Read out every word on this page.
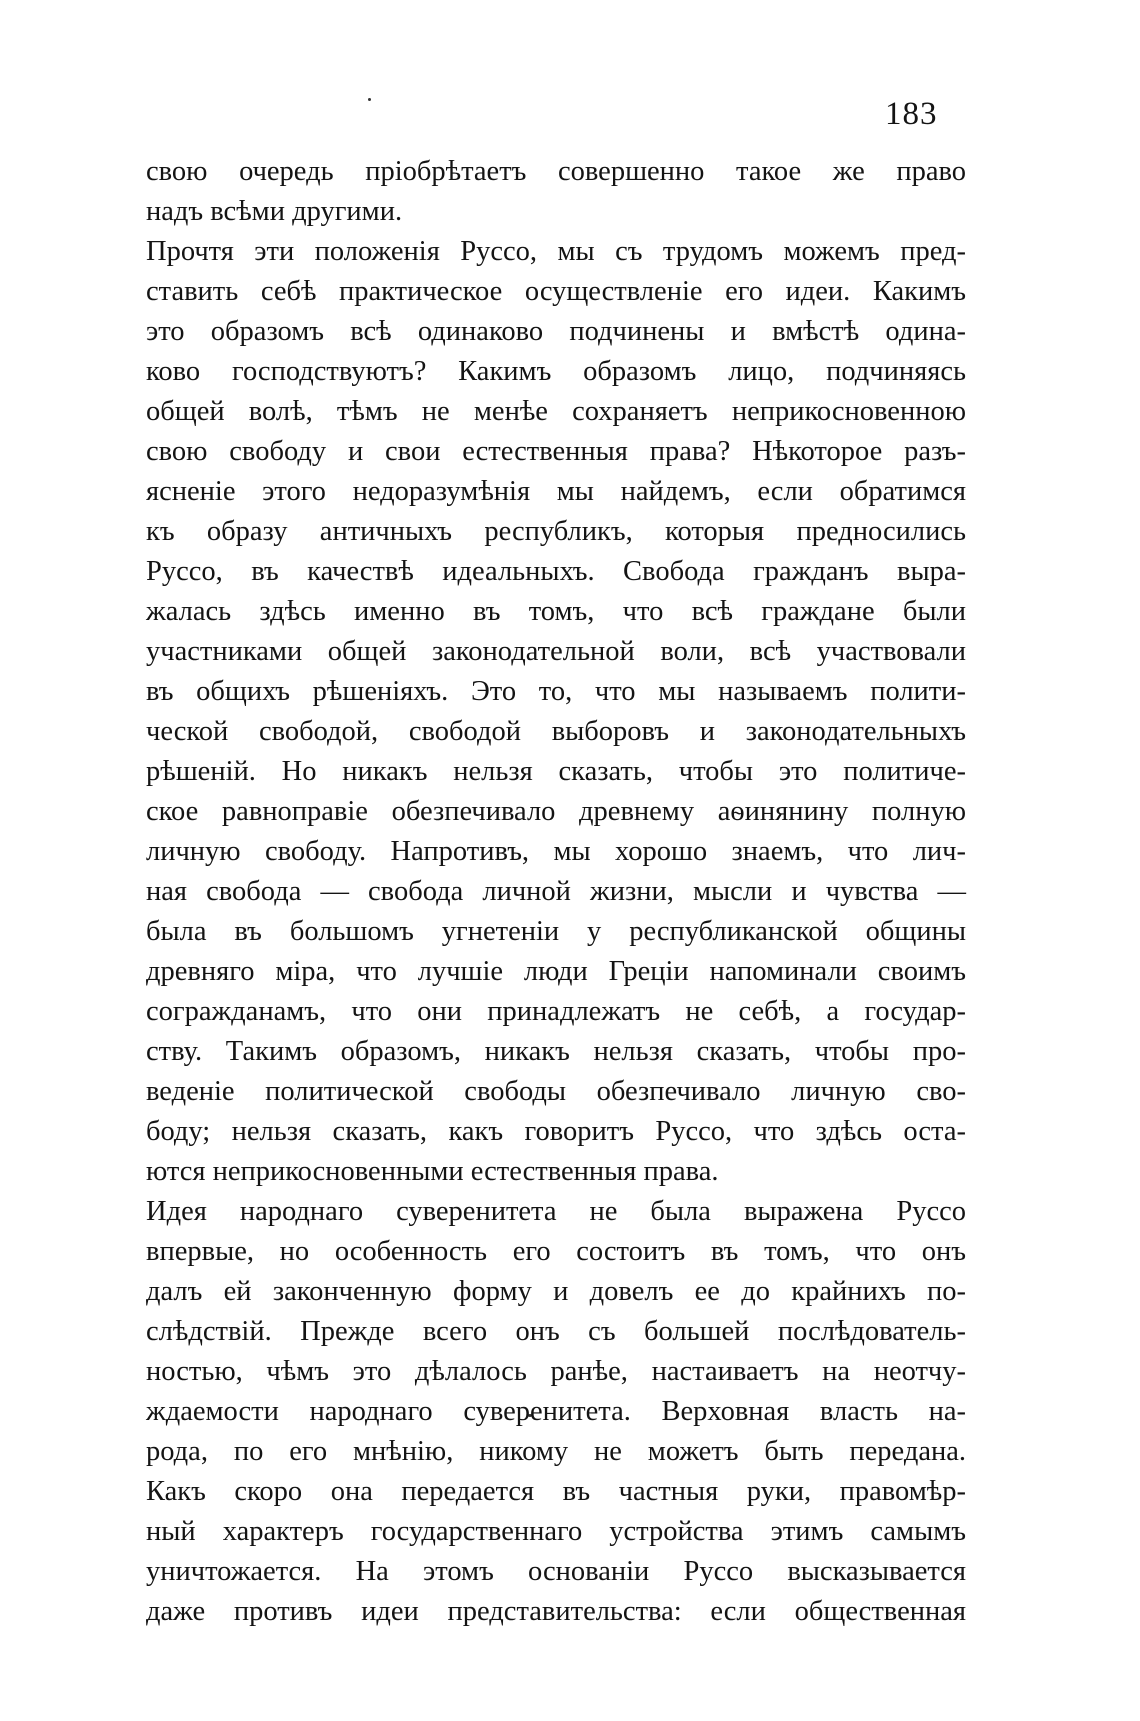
183
свою очередь прiобрѣтаетъ совершенно такое же право
надъ всѣми другими.
Прочтя эти положенiя Руссо, мы съ трудомъ можемъ пред-
ставить себѣ практическое осуществленiе его идеи. Какимъ
это образомъ всѣ одинаково подчинены и вмѣстѣ одина-
ково господствуютъ? Какимъ образомъ лицо, подчиняясь
общей волѣ, тѣмъ не менѣе сохраняетъ неприкосновенною
свою свободу и свои естественныя права? Нѣкоторое разъ-
ясненiе этого недоразумѣнiя мы найдемъ, если обратимся
къ образу античныхъ республикъ, которыя предносились
Руссо, въ качествѣ идеальныхъ. Свобода гражданъ выра-
жалась здѣсь именно въ томъ, что всѣ граждане были
участниками общей законодательной воли, всѣ участвовали
въ общихъ рѣшенiяхъ. Это то, что мы называемъ полити-
ческой свободой, свободой выборовъ и законодательныхъ
рѣшенiй. Но никакъ нельзя сказать, чтобы это политиче-
ское равноправiе обезпечивало древнему аѳинянину полную
личную свободу. Напротивъ, мы хорошо знаемъ, что лич-
ная свобода — свобода личной жизни, мысли и чувства —
была въ большомъ угнетенiи у республиканской общины
древняго мiра, что лучшiе люди Грецiи напоминали своимъ
согражданамъ, что они принадлежатъ не себѣ, а государ-
ству. Такимъ образомъ, никакъ нельзя сказать, чтобы про-
веденiе политической свободы обезпечивало личную сво-
боду; нельзя сказать, какъ говоритъ Руссо, что здѣсь оста-
ются неприкосновенными естественныя права.
Идея народнаго суверенитета не была выражена Руссо
впервые, но особенность его состоитъ въ томъ, что онъ
далъ ей законченную форму и довелъ ее до крайнихъ по-
слѣдствiй. Прежде всего онъ съ большей послѣдователь-
ностью, чѣмъ это дѣлалось ранѣе, настаиваетъ на неотчу-
ждаемости народнаго суверенитета. Верховная власть на-
рода, по его мнѣнiю, никому не можетъ быть передана.
Какъ скоро она передается въ частныя руки, правомѣр-
ный характеръ государственнаго устройства этимъ самымъ
уничтожается. На этомъ основанiи Руссо высказывается
даже противъ идеи представительства: если общественная
